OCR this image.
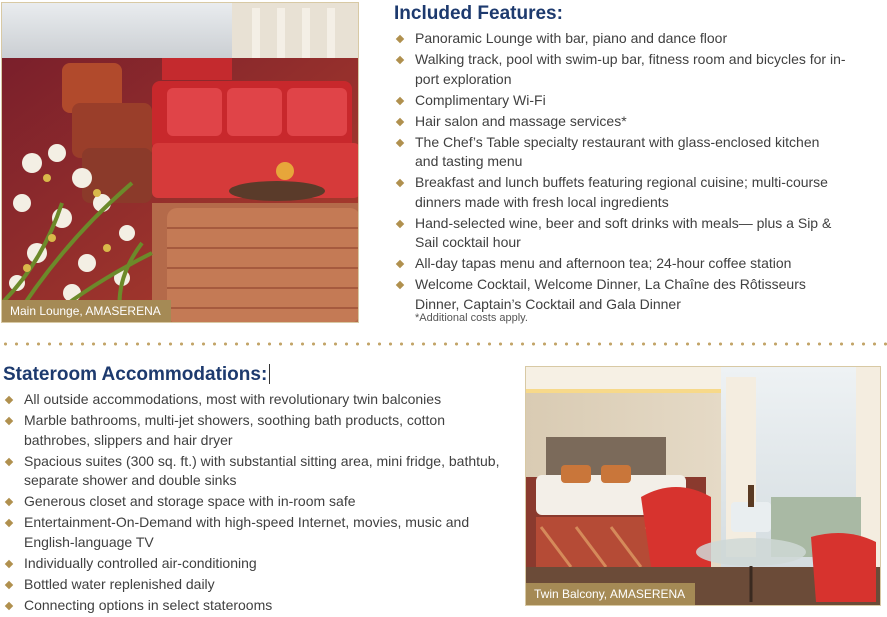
Main Lounge, AMASERENA
Included Features:
Panoramic Lounge with bar, piano and dance floor
Walking track, pool with swim-up bar, fitness room and bicycles for in-port exploration
Complimentary Wi-Fi
Hair salon and massage services*
The Chef’s Table specialty restaurant with glass-enclosed kitchen and tasting menu
Breakfast and lunch buffets featuring regional cuisine; multi-course dinners made with fresh local ingredients
Hand-selected wine, beer and soft drinks with meals— plus a Sip & Sail cocktail hour
All-day tapas menu and afternoon tea; 24-hour coffee station
Welcome Cocktail, Welcome Dinner, La Chaîne des Rôtisseurs Dinner, Captain’s Cocktail and Gala Dinner
*Additional costs apply.
Stateroom Accommodations:
All outside accommodations, most with revolutionary twin balconies
Marble bathrooms, multi-jet showers, soothing bath products, cotton bathrobes, slippers and hair dryer
Spacious suites (300 sq. ft.) with substantial sitting area, mini fridge, bathtub, separate shower and double sinks
Generous closet and storage space with in-room safe
Entertainment-On-Demand with high-speed Internet, movies, music and English-language TV
Individually controlled air-conditioning
Bottled water replenished daily
Connecting options in select staterooms
Twin Balcony, AMASERENA
